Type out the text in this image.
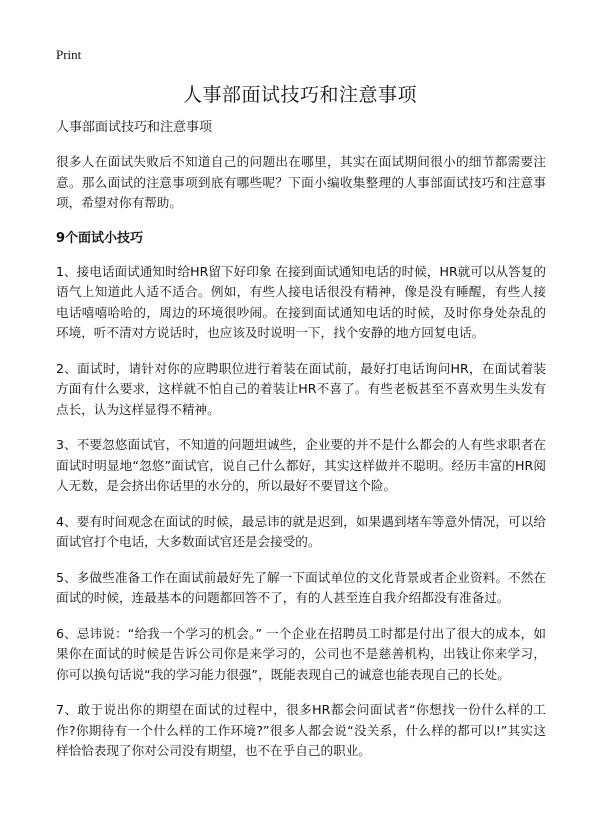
Print
人事部面试技巧和注意事项
人事部面试技巧和注意事项

很多人在面试失败后不知道自己的问题出在哪里，其实在面试期间很小的细节都需要注意。那么面试的注意事项到底有哪些呢？下面小编收集整理的人事部面试技巧和注意事项，希望对你有帮助。

9个面试小技巧

1、接电话面试通知时给HR留下好印象 在接到面试通知电话的时候，HR就可以从答复的语气上知道此人适不适合。例如，有些人接电话很没有精神，像是没有睡醒，有些人接电话嘻嘻哈哈的，周边的环境很吵闹。在接到面试通知电话的时候，及时你身处杂乱的环境，听不清对方说话时，也应该及时说明一下，找个安静的地方回复电话。

2、面试时，请针对你的应聘职位进行着装在面试前，最好打电话询问HR，在面试着装方面有什么要求，这样就不怕自己的着装让HR不喜了。有些老板甚至不喜欢男生头发有点长，认为这样显得不精神。

3、不要忽悠面试官，不知道的问题坦诚些，企业要的并不是什么都会的人有些求职者在面试时明显地“忽悠”面试官，说自己什么都好，其实这样做并不聪明。经历丰富的HR阅人无数，是会挤出你话里的水分的，所以最好不要冒这个险。

4、要有时间观念在面试的时候，最忌讳的就是迟到，如果遇到堵车等意外情况，可以给面试官打个电话，大多数面试官还是会接受的。

5、多做些准备工作在面试前最好先了解一下面试单位的文化背景或者企业资料。不然在面试的时候，连最基本的问题都回答不了，有的人甚至连自我介绍都没有准备过。

6、忌讳说：“给我一个学习的机会。” 一个企业在招聘员工时都是付出了很大的成本，如果你在面试的时候是告诉公司你是来学习的，公司也不是慈善机构，出钱让你来学习，你可以换句话说“我的学习能力很强”，既能表现自己的诚意也能表现自己的长处。

7、敢于说出你的期望在面试的过程中，很多HR都会问面试者“你想找一份什么样的工作?你期待有一个什么样的工作环境?”很多人都会说“没关系，什么样的都可以!”其实这样恰恰表现了你对公司没有期望，也不在乎自己的职业。
